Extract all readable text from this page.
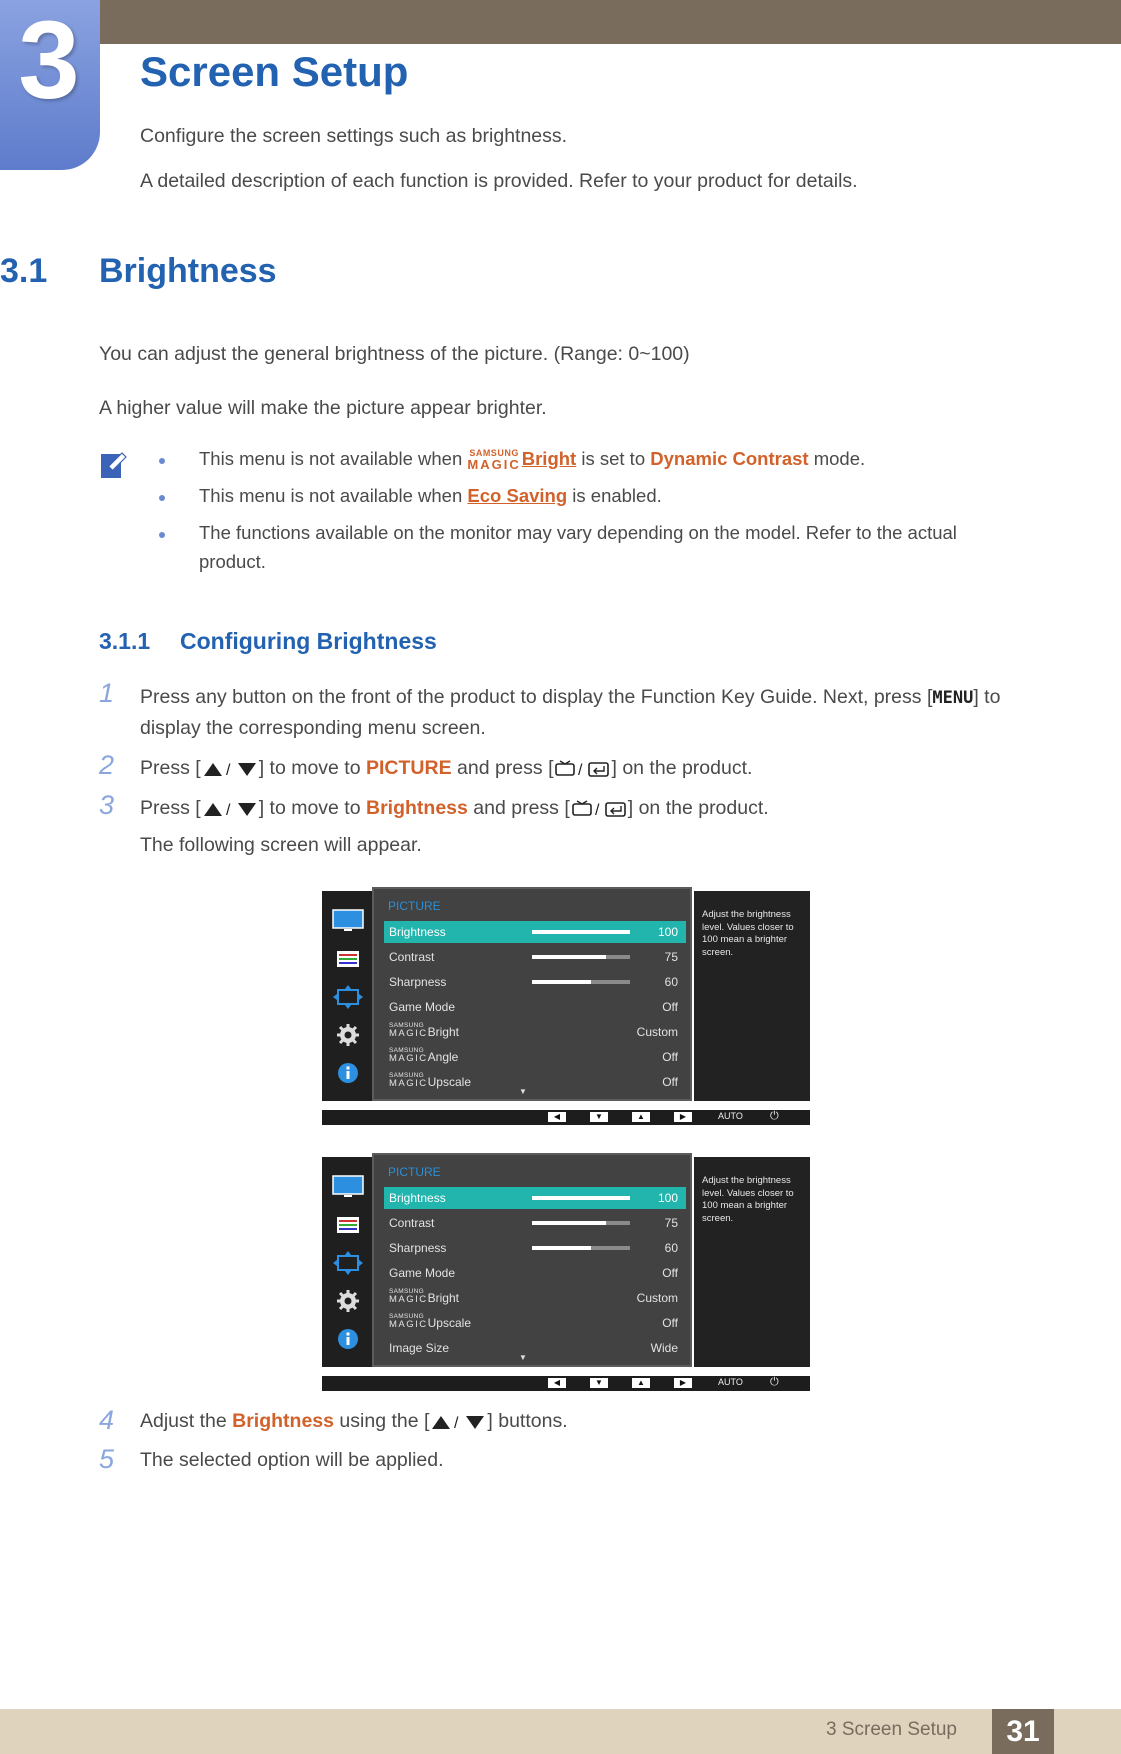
3	Screen Setup
Configure the screen settings such as brightness.
A detailed description of each function is provided. Refer to your product for details.
3.1 Brightness
You can adjust the general brightness of the picture. (Range: 0~100)
A higher value will make the picture appear brighter.
This menu is not available when SAMSUNG
MAGIC Bright is set to Dynamic Contrast mode.
This menu is not available when Eco Saving is enabled.
The functions available on the monitor may vary depending on the model. Refer to the actual
product.
3.1.1 Configuring Brightness
1 Press any button on the front of the product to display the Function Key Guide. Next, press [MENU] to
display the corresponding menu screen.
2 Press [ / ] to move to PICTURE and press [ / ] on the product.
3 Press [ / ] to move to Brightness and press [ / ] on the product.
The following screen will appear.
PICTURE
Brightness	100
Contrast	75
Sharpness	60
Game Mode	Off
SAMSUNG
MAGIC Bright	Custom
SAMSUNG
MAGIC Angle	Off
SAMSUNG
MAGIC Upscale	Off
▼
Adjust the brightness level. Values closer to 100 mean a brighter screen.
◀	▼	▲	▶	AUTO ⏻
PICTURE
Brightness	100
Contrast	75
Sharpness	60
Game Mode	Off
SAMSUNG
MAGIC Bright	Custom
SAMSUNG
MAGIC Upscale	Off
Image Size	Wide
▼
Adjust the brightness level. Values closer to 100 mean a brighter screen.
◀	▼	▲	▶	AUTO ⏻
4 Adjust the Brightness using the [ / ] buttons.
5 The selected option will be applied.
3 Screen Setup	31
